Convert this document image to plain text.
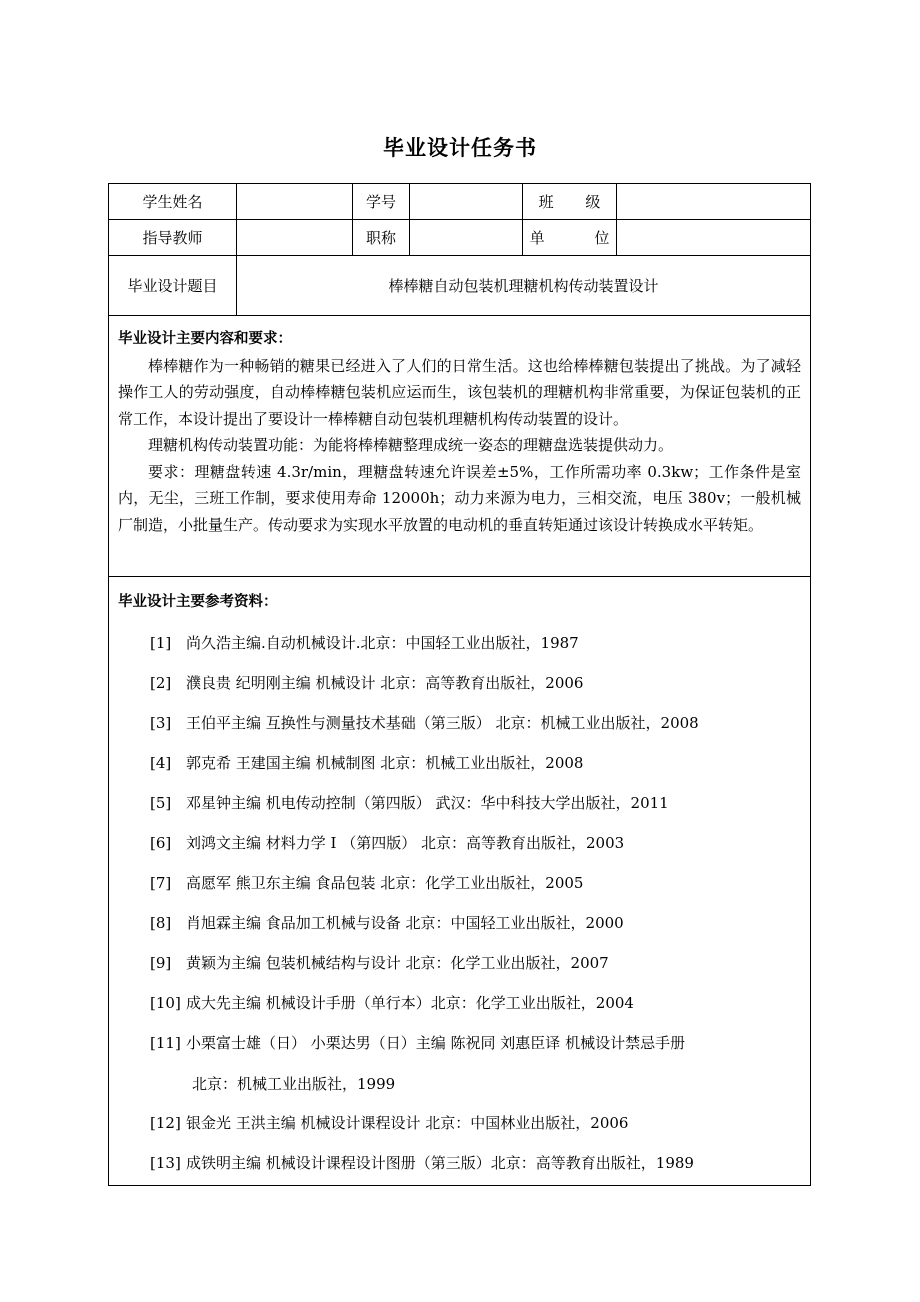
毕业设计任务书
学生姓名	学号	班 级
指导教师	职称	单 位
毕业设计题目	棒棒糖自动包装机理糖机构传动装置设计
毕业设计主要内容和要求：

棒棒糖作为一种畅销的糖果已经进入了人们的日常生活。这也给棒棒糖包装提出了挑战。为了减轻操作工人的劳动强度，自动棒棒糖包装机应运而生，该包装机的理糖机构非常重要，为保证包装机的正常工作，本设计提出了要设计一棒棒糖自动包装机理糖机构传动装置的设计。

理糖机构传动装置功能：为能将棒棒糖整理成统一姿态的理糖盘选装提供动力。

要求：理糖盘转速 4.3r/min，理糖盘转速允许误差±5%，工作所需功率 0.3kw；工作条件是室内，无尘，三班工作制，要求使用寿命 12000h；动力来源为电力，三相交流，电压 380v；一般机械厂制造，小批量生产。传动要求为实现水平放置的电动机的垂直转矩通过该设计转换成水平转矩。

毕业设计主要参考资料：
[1] 尚久浩主编.自动机械设计.北京：中国轻工业出版社，1987
[2] 濮良贵 纪明刚主编 机械设计 北京：高等教育出版社，2006
[3] 王伯平主编 互换性与测量技术基础（第三版） 北京：机械工业出版社，2008
[4] 郭克希 王建国主编 机械制图 北京：机械工业出版社，2008
[5] 邓星钟主编 机电传动控制（第四版） 武汉：华中科技大学出版社，2011
[6] 刘鸿文主编 材料力学 I （第四版） 北京：高等教育出版社，2003
[7] 高愿军 熊卫东主编 食品包装 北京：化学工业出版社，2005
[8] 肖旭霖主编 食品加工机械与设备 北京：中国轻工业出版社，2000
[9] 黄颖为主编 包装机械结构与设计 北京：化学工业出版社，2007
[10] 成大先主编 机械设计手册（单行本）北京：化学工业出版社，2004
[11] 小栗富士雄（日） 小栗达男（日）主编 陈祝同 刘惠臣译 机械设计禁忌手册
北京：机械工业出版社，1999
[12] 银金光 王洪主编 机械设计课程设计 北京：中国林业出版社，2006
[13] 成铁明主编 机械设计课程设计图册（第三版）北京：高等教育出版社，1989
